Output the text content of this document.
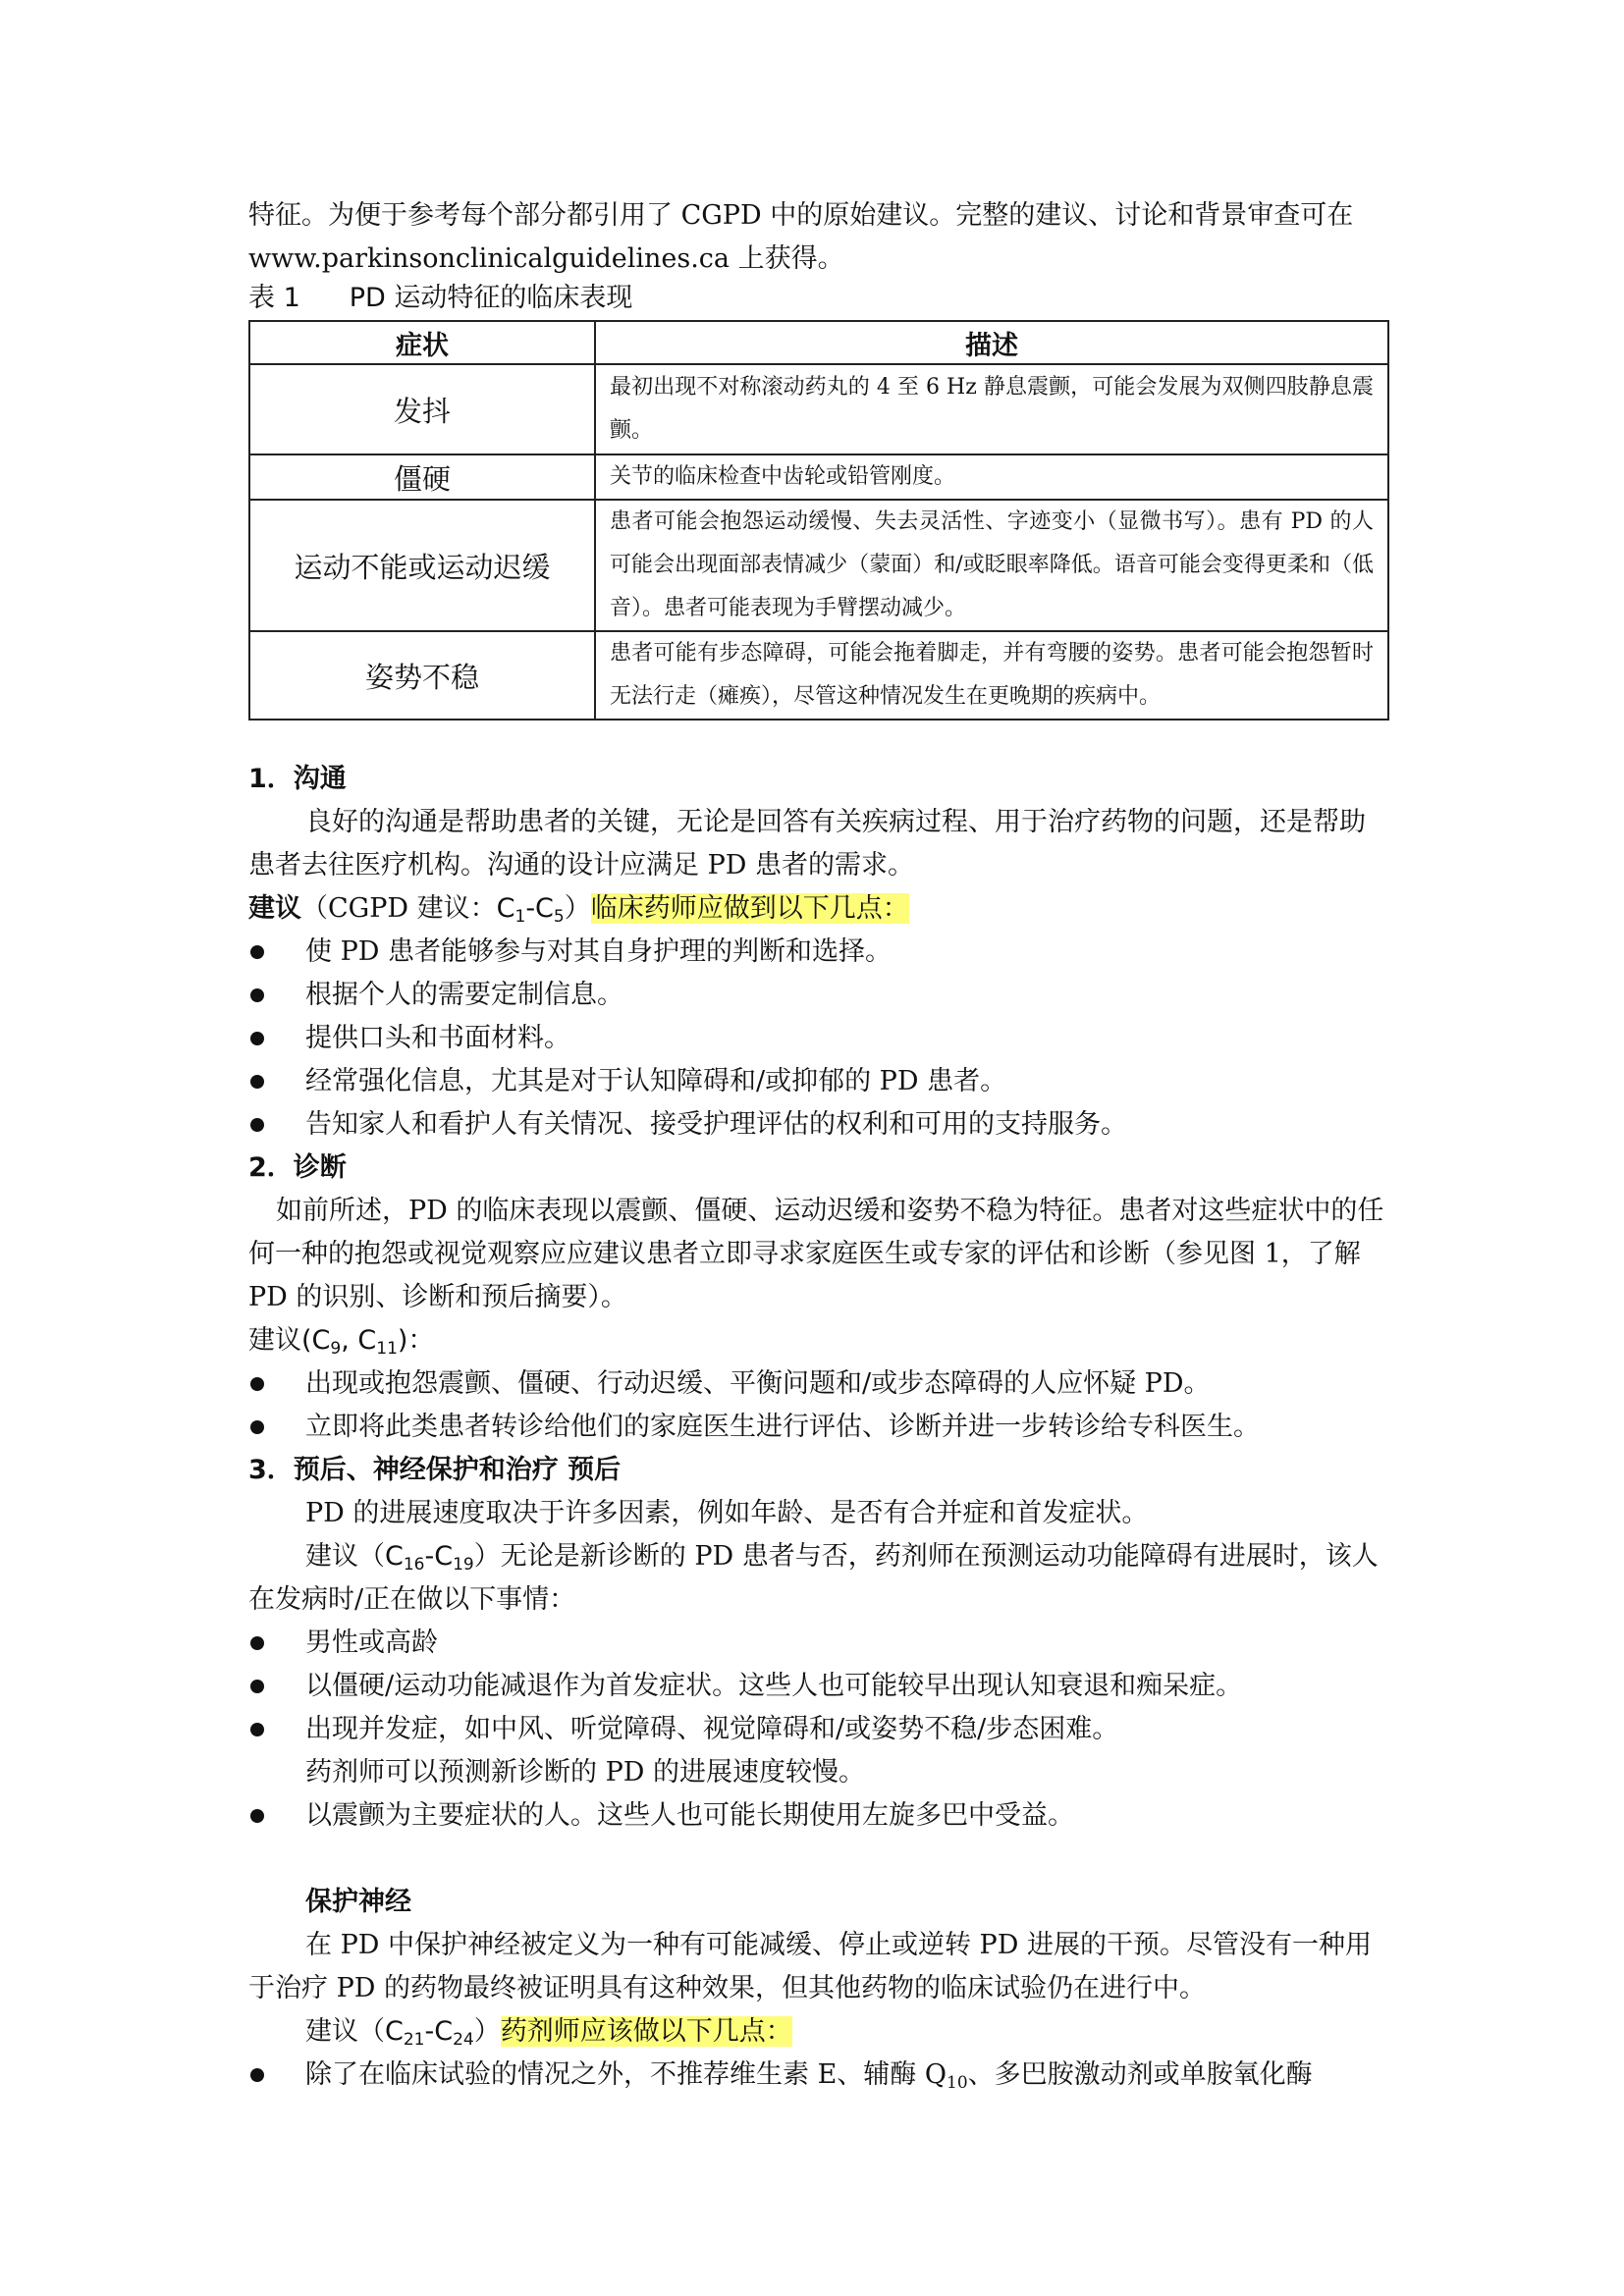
特征。为便于参考每个部分都引用了 CGPD 中的原始建议。完整的建议、讨论和背景审查可在 www.parkinsonclinicalguidelines.ca 上获得。

表 1 PD 运动特征的临床表现

症状	描述
发抖	最初出现不对称滚动药丸的 4 至 6 Hz 静息震颤，可能会发展为双侧四肢静息震颤。
僵硬	关节的临床检查中齿轮或铅管刚度。
运动不能或运动迟缓	患者可能会抱怨运动缓慢、失去灵活性、字迹变小（显微书写）。患有 PD 的人可能会出现面部表情减少（蒙面）和/或眨眼率降低。语音可能会变得更柔和（低音）。患者可能表现为手臂摆动减少。
姿势不稳	患者可能有步态障碍，可能会拖着脚走，并有弯腰的姿势。患者可能会抱怨暂时无法行走（瘫痪），尽管这种情况发生在更晚期的疾病中。

1．沟通

良好的沟通是帮助患者的关键，无论是回答有关疾病过程、用于治疗药物的问题，还是帮助患者去往医疗机构。沟通的设计应满足 PD 患者的需求。

建议（CGPD 建议：$C_1-C_5$）临床药师应做到以下几点：

使 PD 患者能够参与对其自身护理的判断和选择。
根据个人的需要定制信息。
提供口头和书面材料。
经常强化信息，尤其是对于认知障碍和/或抑郁的 PD 患者。
告知家人和看护人有关情况、接受护理评估的权利和可用的支持服务。

2．诊断

如前所述，PD 的临床表现以震颤、僵硬、运动迟缓和姿势不稳为特征。患者对这些症状中的任何一种的抱怨或视觉观察应应建议患者立即寻求家庭医生或专家的评估和诊断（参见图 1，了解 PD 的识别、诊断和预后摘要）。

建议($C_9$, $C_{11}$)：

出现或抱怨震颤、僵硬、行动迟缓、平衡问题和/或步态障碍的人应怀疑 PD。
立即将此类患者转诊给他们的家庭医生进行评估、诊断并进一步转诊给专科医生。

3．预后、神经保护和治疗 预后

PD 的进展速度取决于许多因素，例如年龄、是否有合并症和首发症状。

建议$(C_{16}-C_{19})$无论是新诊断的 PD 患者与否，药剂师在预测运动功能障碍有进展时，该人在发病时/正在做以下事情：

男性或高龄
以僵硬/运动功能减退作为首发症状。这些人也可能较早出现认知衰退和痴呆症。
出现并发症，如中风、听觉障碍、视觉障碍和/或姿势不稳/步态困难。

药剂师可以预测新诊断的 PD 的进展速度较慢。

以震颤为主要症状的人。这些人也可能长期使用左旋多巴中受益。

保护神经

在 PD 中保护神经被定义为一种有可能减缓、停止或逆转 PD 进展的干预。尽管没有一种用于治疗 PD 的药物最终被证明具有这种效果，但其他药物的临床试验仍在进行中。

建议$(C_{21}-C_{24})$药剂师应该做以下几点：

除了在临床试验的情况之外，不推荐维生素 E、辅酶 $Q_{10}$、多巴胺激动剂或单胺氧化酶
